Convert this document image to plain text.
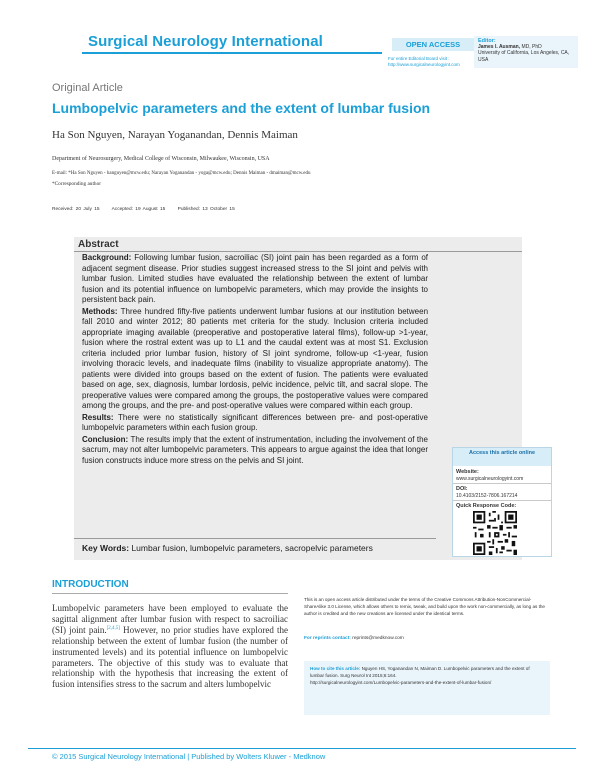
Surgical Neurology International	OPEN ACCESS
For entire Editorial Board visit : http://www.surgicalneurologyint.com
Editor:
James I. Ausman, MD, PhD
University of California, Los Angeles, CA, USA
Original Article
Lumbopelvic parameters and the extent of lumbar fusion
Ha Son Nguyen, Narayan Yoganandan, Dennis Maiman
Department of Neurosurgery, Medical College of Wisconsin, Milwaukee, Wisconsin, USA
E-mail: *Ha Son Nguyen - hanguyen@mcw.edu; Narayan Yoganandan - yoga@mcw.edu; Dennis Maiman - dmaiman@mcw.edu
*Corresponding author
Received: 20 July 15	Accepted: 19 August 15	Published: 13 October 15
Abstract

Background: Following lumbar fusion, sacroiliac (SI) joint pain has been regarded as a form of adjacent segment disease. Prior studies suggest increased stress to the SI joint and pelvis with lumbar fusion. Limited studies have evaluated the relationship between the extent of lumbar fusion and its potential influence on lumbopelvic parameters, which may provide the insights to persistent back pain.

Methods: Three hundred fifty-five patients underwent lumbar fusions at our institution between fall 2010 and winter 2012; 80 patients met criteria for the study. Inclusion criteria included appropriate imaging available (preoperative and postoperative lateral films), follow-up >1-year, fusion where the rostral extent was up to L1 and the caudal extent was at most S1. Exclusion criteria included prior lumbar fusion, history of SI joint syndrome, follow-up <1-year, fusion involving thoracic levels, and inadequate films (inability to visualize appropriate anatomy). The patients were divided into groups based on the extent of fusion. The patients were evaluated based on age, sex, diagnosis, lumbar lordosis, pelvic incidence, pelvic tilt, and sacral slope. The preoperative values were compared among the groups, the postoperative values were compared among the groups, and the pre- and post-operative values were compared within each group.

Results: There were no statistically significant differences between pre- and post-operative lumbopelvic parameters within each fusion group.

Conclusion: The results imply that the extent of instrumentation, including the involvement of the sacrum, may not alter lumbopelvic parameters. This appears to argue against the idea that longer fusion constructs induce more stress on the pelvis and SI joint.

Key Words: Lumbar fusion, lumbopelvic parameters, sacropelvic parameters
Access this article online
Website:
www.surgicalneurologyint.com
DOI:
10.4103/2152-7806.167214
Quick Response Code:
INTRODUCTION
Lumbopelvic parameters have been employed to evaluate the sagittal alignment after lumbar fusion with respect to sacroiliac (SI) joint pain.[2,4,5] However, no prior studies have explored the relationship between the extent of lumbar fusion (the number of instrumented levels) and its potential influence on lumbopelvic parameters. The objective of this study was to evaluate that relationship with the hypothesis that increasing the extent of fusion intensifies stress to the sacrum and alters lumbopelvic
This is an open access article distributed under the terms of the Creative Commons Attribution-NonCommercial-ShareAlike 3.0 License, which allows others to remix, tweak, and build upon the work non-commercially, as long as the author is credited and the new creations are licensed under the identical terms.
For reprints contact: reprints@medknow.com
How to cite this article: Nguyen HS, Yoganandan N, Maiman D. Lumbopelvic parameters and the extent of lumbar fusion. Surg Neurol Int 2015;6:164.
http://surgicalneurologyint.com/Lumbopelvic-parameters-and-the-extent-of-lumbar-fusion/
© 2015 Surgical Neurology International | Published by Wolters Kluwer - Medknow
